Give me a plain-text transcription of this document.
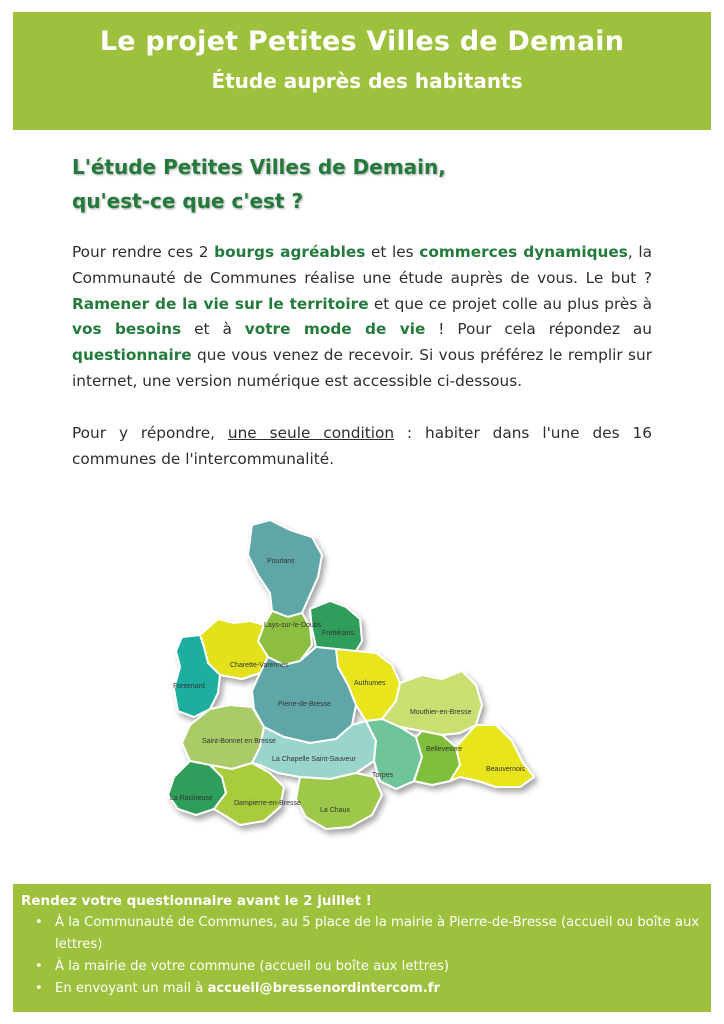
Le projet Petites Villes de Demain
Étude auprès des habitants
L'étude Petites Villes de Demain,
qu'est-ce que c'est ?

Pour rendre ces 2 bourgs agréables et les commerces dynamiques, la Communauté de Communes réalise une étude auprès de vous. Le but ? Ramener de la vie sur le territoire et que ce projet colle au plus près à vos besoins et à votre mode de vie ! Pour cela répondez au questionnaire que vous venez de recevoir. Si vous préférez le remplir sur internet, une version numérique est accessible ci-dessous.

Pour y répondre, une seule condition : habiter dans l'une des 16 communes de l'intercommunalité.

Pourlans
Lays-sur-le-Doubs
Frettérans
Charette-Varennes
Fontenard	Authumes
Pierre-de-Bresse
Mouthier-en-Bresse
Saint-Bonnet en Bresse
La Chapelle Saint-Sauveur
Torpes
Bellevesvre
Beauvernois
La Racineuse
Dampierre-en-Bresse
La Chaux
Rendez votre questionnaire avant le 2 juillet !
• À la Communauté de Communes, au 5 place de la mairie à Pierre-de-Bresse (accueil ou boîte aux lettres)
• À la mairie de votre commune (accueil ou boîte aux lettres)
• En envoyant un mail à accueil@bressenordintercom.fr
